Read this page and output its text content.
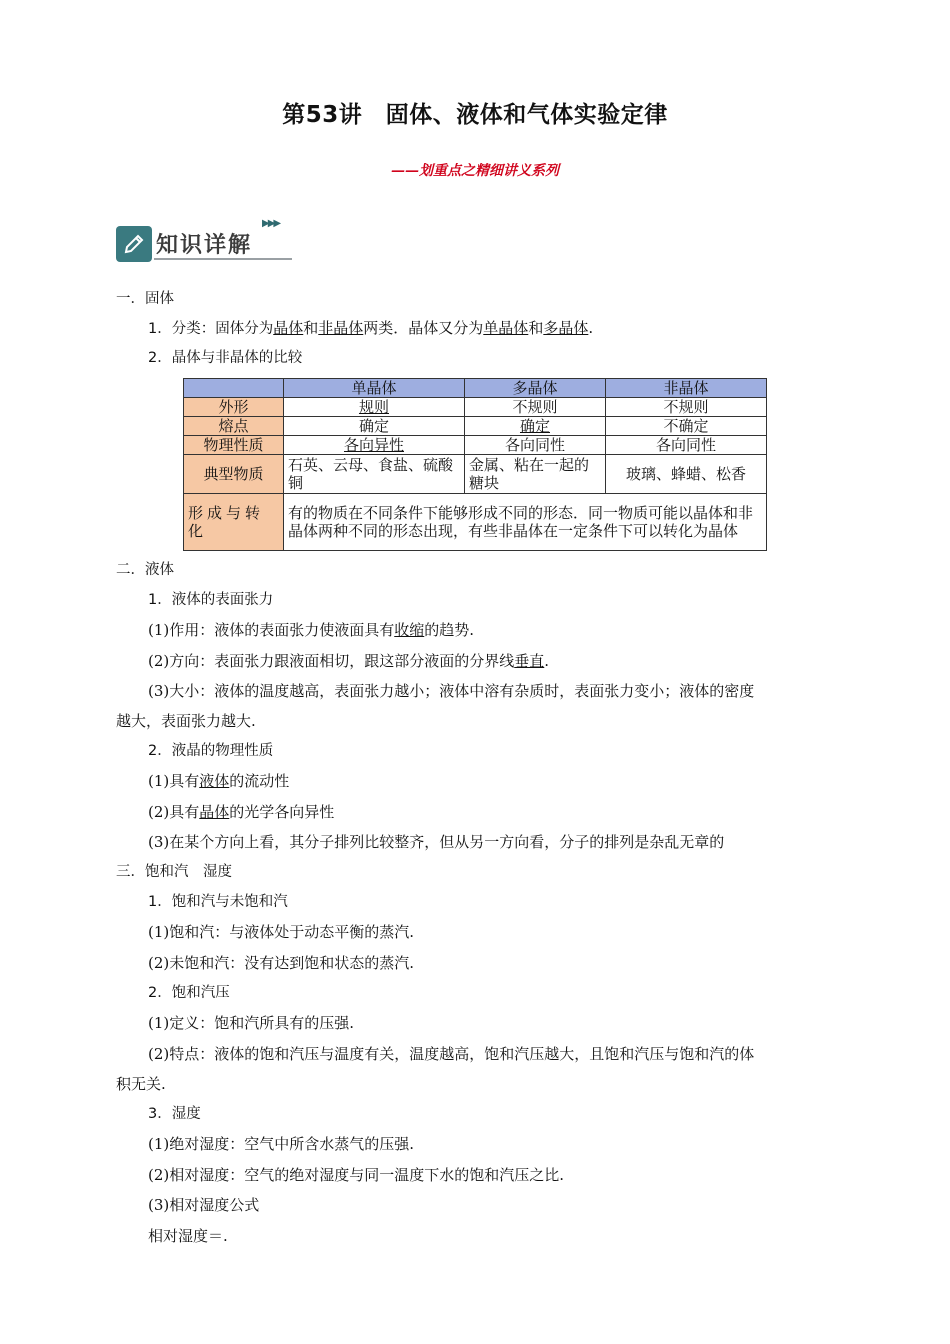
第53讲　固体、液体和气体实验定律
——划重点之精细讲义系列
知识详解
▶▶▶
一．固体
1．分类：固体分为晶体和非晶体两类．晶体又分为单晶体和多晶体.
2．晶体与非晶体的比较
	单晶体	多晶体	非晶体
外形	规则	不规则	不规则
熔点	确定	确定	不确定
物理性质	各向异性	各向同性	各向同性
典型物质	石英、云母、食盐、硫酸铜	金属、粘在一起的糖块	玻璃、蜂蜡、松香
形成与转化	有的物质在不同条件下能够形成不同的形态．同一物质可能以晶体和非晶体两种不同的形态出现，有些非晶体在一定条件下可以转化为晶体		
二．液体
1．液体的表面张力
(1)作用：液体的表面张力使液面具有收缩的趋势.
(2)方向：表面张力跟液面相切，跟这部分液面的分界线垂直.
(3)大小：液体的温度越高，表面张力越小；液体中溶有杂质时，表面张力变小；液体的密度
越大，表面张力越大.
2．液晶的物理性质
(1)具有液体的流动性
(2)具有晶体的光学各向异性
(3)在某个方向上看，其分子排列比较整齐，但从另一方向看，分子的排列是杂乱无章的
三．饱和汽　湿度
1．饱和汽与未饱和汽
(1)饱和汽：与液体处于动态平衡的蒸汽.
(2)未饱和汽：没有达到饱和状态的蒸汽.
2．饱和汽压
(1)定义：饱和汽所具有的压强.
(2)特点：液体的饱和汽压与温度有关，温度越高，饱和汽压越大，且饱和汽压与饱和汽的体
积无关.
3．湿度
(1)绝对湿度：空气中所含水蒸气的压强.
(2)相对湿度：空气的绝对湿度与同一温度下水的饱和汽压之比.
(3)相对湿度公式
相对湿度＝.
